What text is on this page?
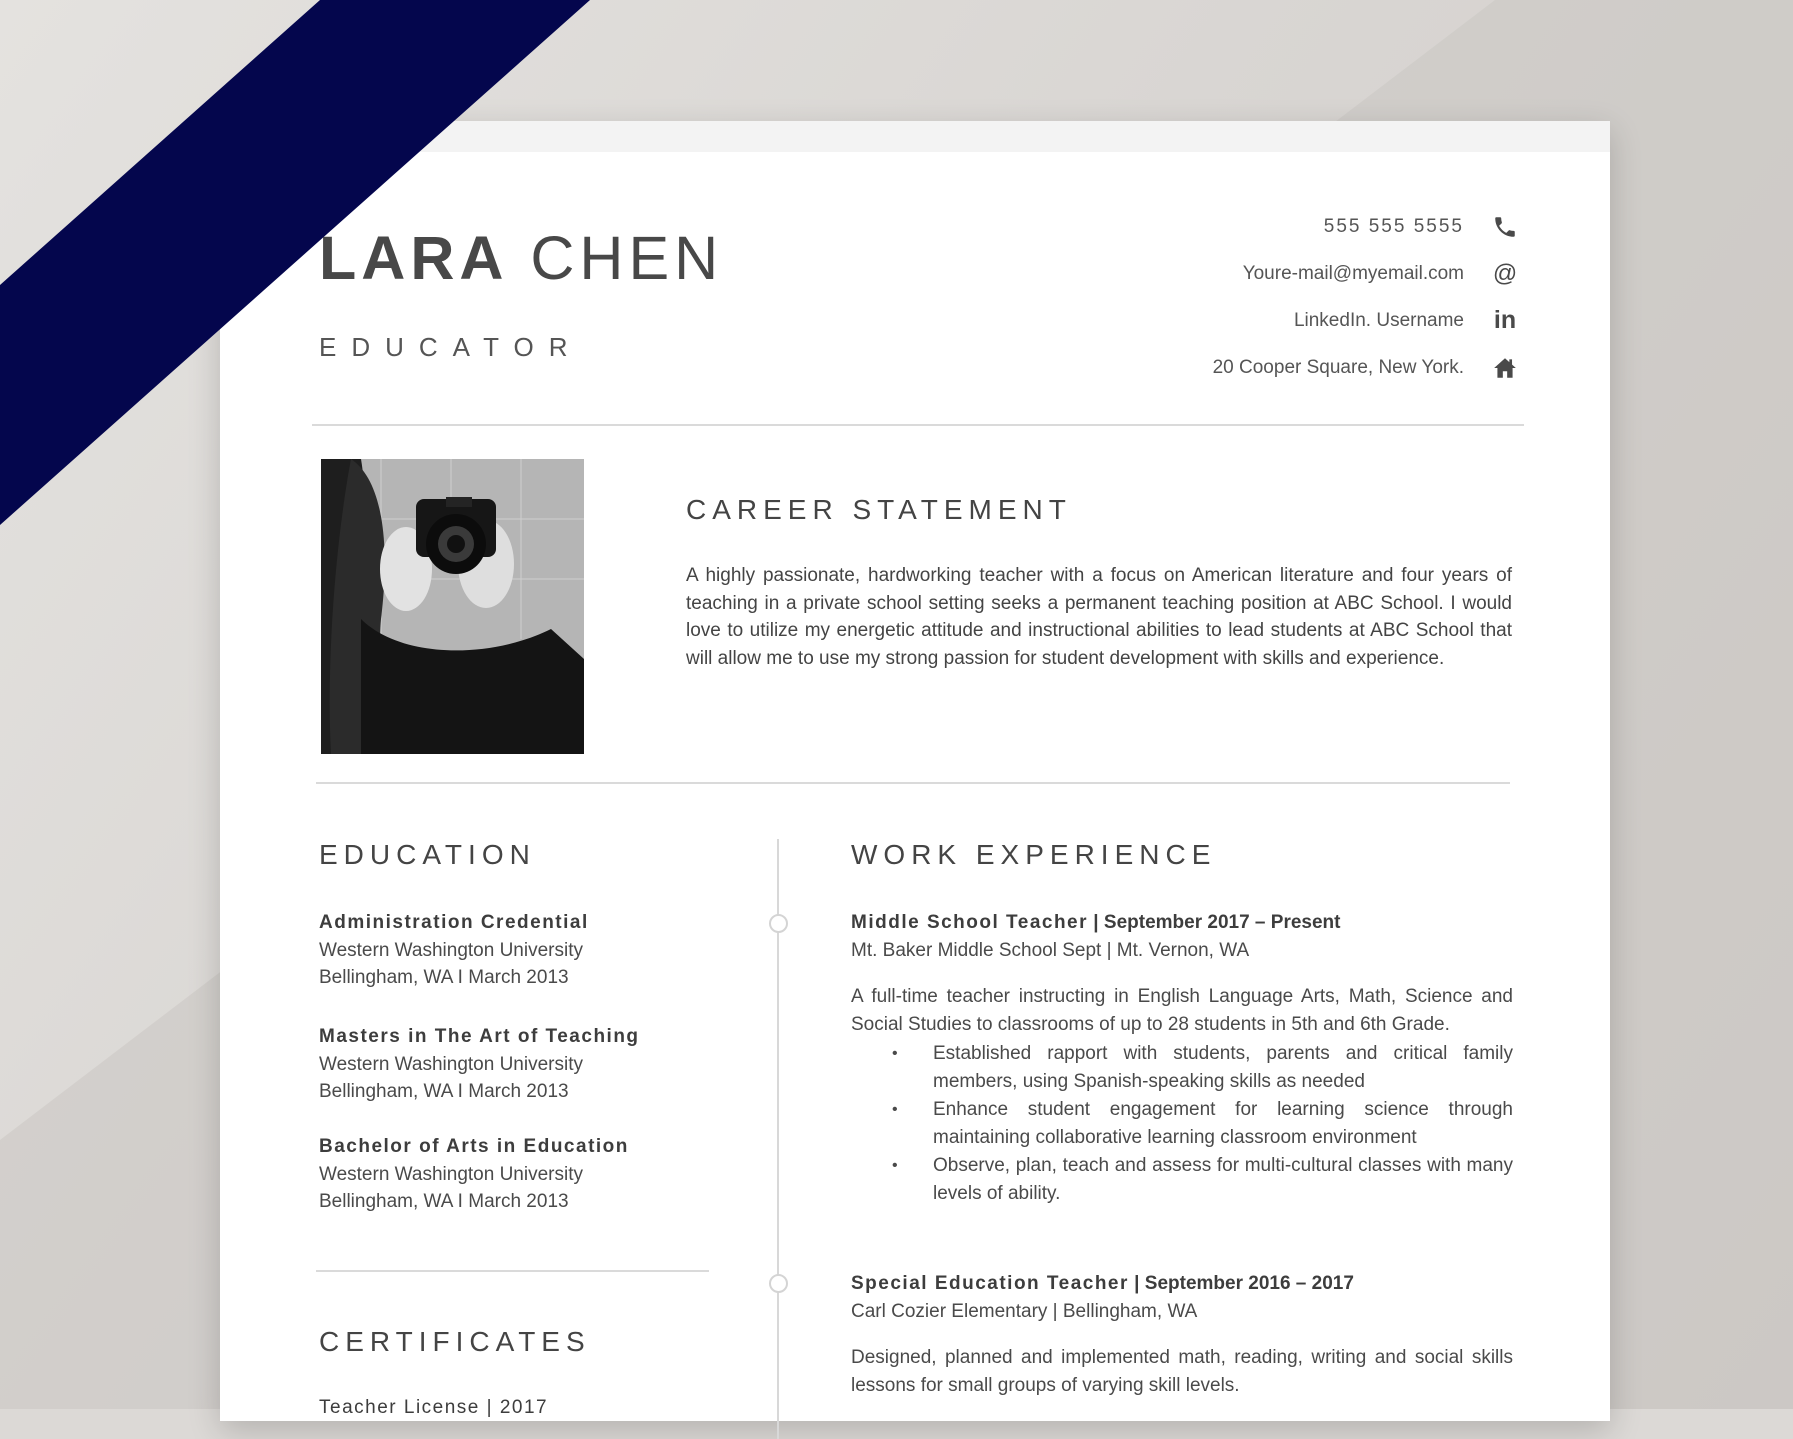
LARA CHEN
EDUCATOR
555 555 5555
Youre-mail@myemail.com @
LinkedIn. Username in
20 Cooper Square, New York.
CAREER STATEMENT
A highly passionate, hardworking teacher with a focus on American literature and four years of teaching in a private school setting seeks a permanent teaching position at ABC School. I would love to utilize my energetic attitude and instructional abilities to lead students at ABC School that will allow me to use my strong passion for student development with skills and experience.
EDUCATION
Administration Credential
Western Washington University
Bellingham, WA I March 2013
Masters in The Art of Teaching
Western Washington University
Bellingham, WA I March 2013
Bachelor of Arts in Education
Western Washington University
Bellingham, WA I March 2013
CERTIFICATES
Teacher License | 2017
WORK EXPERIENCE
Middle School Teacher | September 2017 – Present
Mt. Baker Middle School Sept | Mt. Vernon, WA

A full-time teacher instructing in English Language Arts, Math, Science and Social Studies to classrooms of up to 28 students in 5th and 6th Grade.

• Established rapport with students, parents and critical family members, using Spanish-speaking skills as needed
• Enhance student engagement for learning science through maintaining collaborative learning classroom environment
• Observe, plan, teach and assess for multi-cultural classes with many levels of ability.
Special Education Teacher | September 2016 – 2017
Carl Cozier Elementary | Bellingham, WA

Designed, planned and implemented math, reading, writing and social skills lessons for small groups of varying skill levels.
